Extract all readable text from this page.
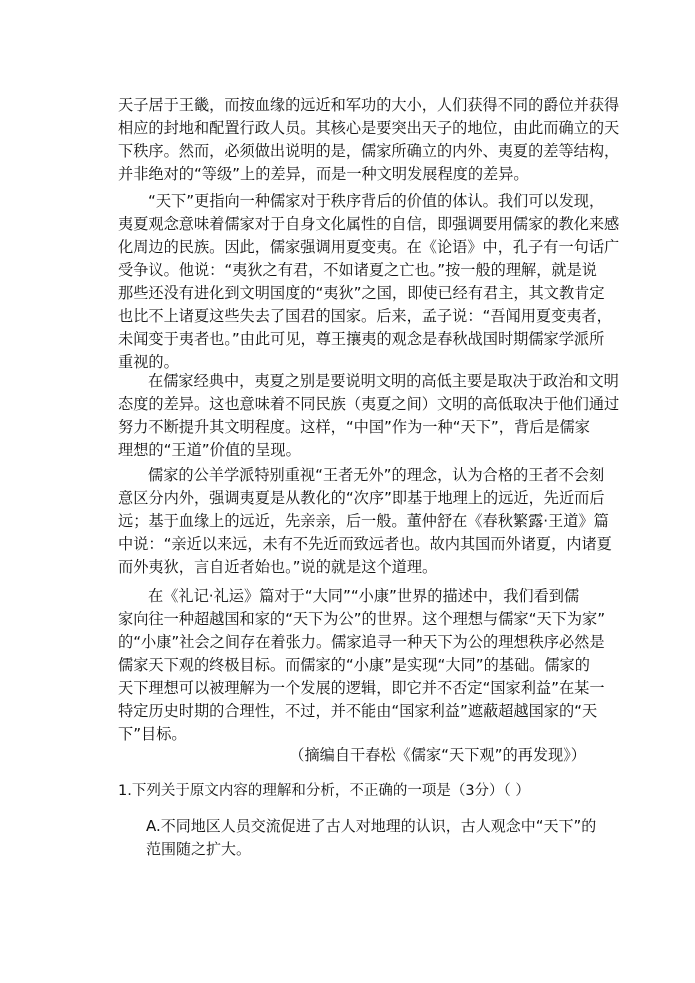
天子居于王畿，而按血缘的远近和军功的大小，人们获得不同的爵位并获得
相应的封地和配置行政人员。其核心是要突出天子的地位，由此而确立的天
下秩序。然而，必须做出说明的是，儒家所确立的内外、夷夏的差等结构，
并非绝对的“等级”上的差异，而是一种文明发展程度的差异。
“天下”更指向一种儒家对于秩序背后的价值的体认。我们可以发现，
夷夏观念意味着儒家对于自身文化属性的自信，即强调要用儒家的教化来感
化周边的民族。因此，儒家强调用夏变夷。在《论语》中，孔子有一句话广
受争议。他说：“夷狄之有君，不如诸夏之亡也。”按一般的理解，就是说
那些还没有进化到文明国度的“夷狄”之国，即使已经有君主，其文教肯定
也比不上诸夏这些失去了国君的国家。后来，孟子说：“吾闻用夏变夷者，
未闻变于夷者也。”由此可见，尊王攘夷的观念是春秋战国时期儒家学派所
重视的。
在儒家经典中，夷夏之别是要说明文明的高低主要是取决于政治和文明
态度的差异。这也意味着不同民族（夷夏之间）文明的高低取决于他们通过
努力不断提升其文明程度。这样，“中国”作为一种“天下”，背后是儒家
理想的“王道”价值的呈现。
儒家的公羊学派特别重视“王者无外”的理念，认为合格的王者不会刻
意区分内外，强调夷夏是从教化的“次序”即基于地理上的远近，先近而后
远；基于血缘上的远近，先亲亲，后一般。董仲舒在《春秋繁露·王道》篇
中说：“亲近以来远，未有不先近而致远者也。故内其国而外诸夏，内诸夏
而外夷狄，言自近者始也。”说的就是这个道理。
在《礼记·礼运》篇对于“大同”“小康”世界的描述中，我们看到儒
家向往一种超越国和家的“天下为公”的世界。这个理想与儒家“天下为家”
的“小康”社会之间存在着张力。儒家追寻一种天下为公的理想秩序必然是
儒家天下观的终极目标。而儒家的“小康”是实现“大同”的基础。儒家的
天下理想可以被理解为一个发展的逻辑，即它并不否定“国家利益”在某一
特定历史时期的合理性，不过，并不能由“国家利益”遮蔽超越国家的“天
下”目标。
（摘编自干春松《儒家“天下观”的再发现》）
1.下列关于原文内容的理解和分析，不正确的一项是（3分）（ ）
A.不同地区人员交流促进了古人对地理的认识，古人观念中“天下”的
范围随之扩大。
